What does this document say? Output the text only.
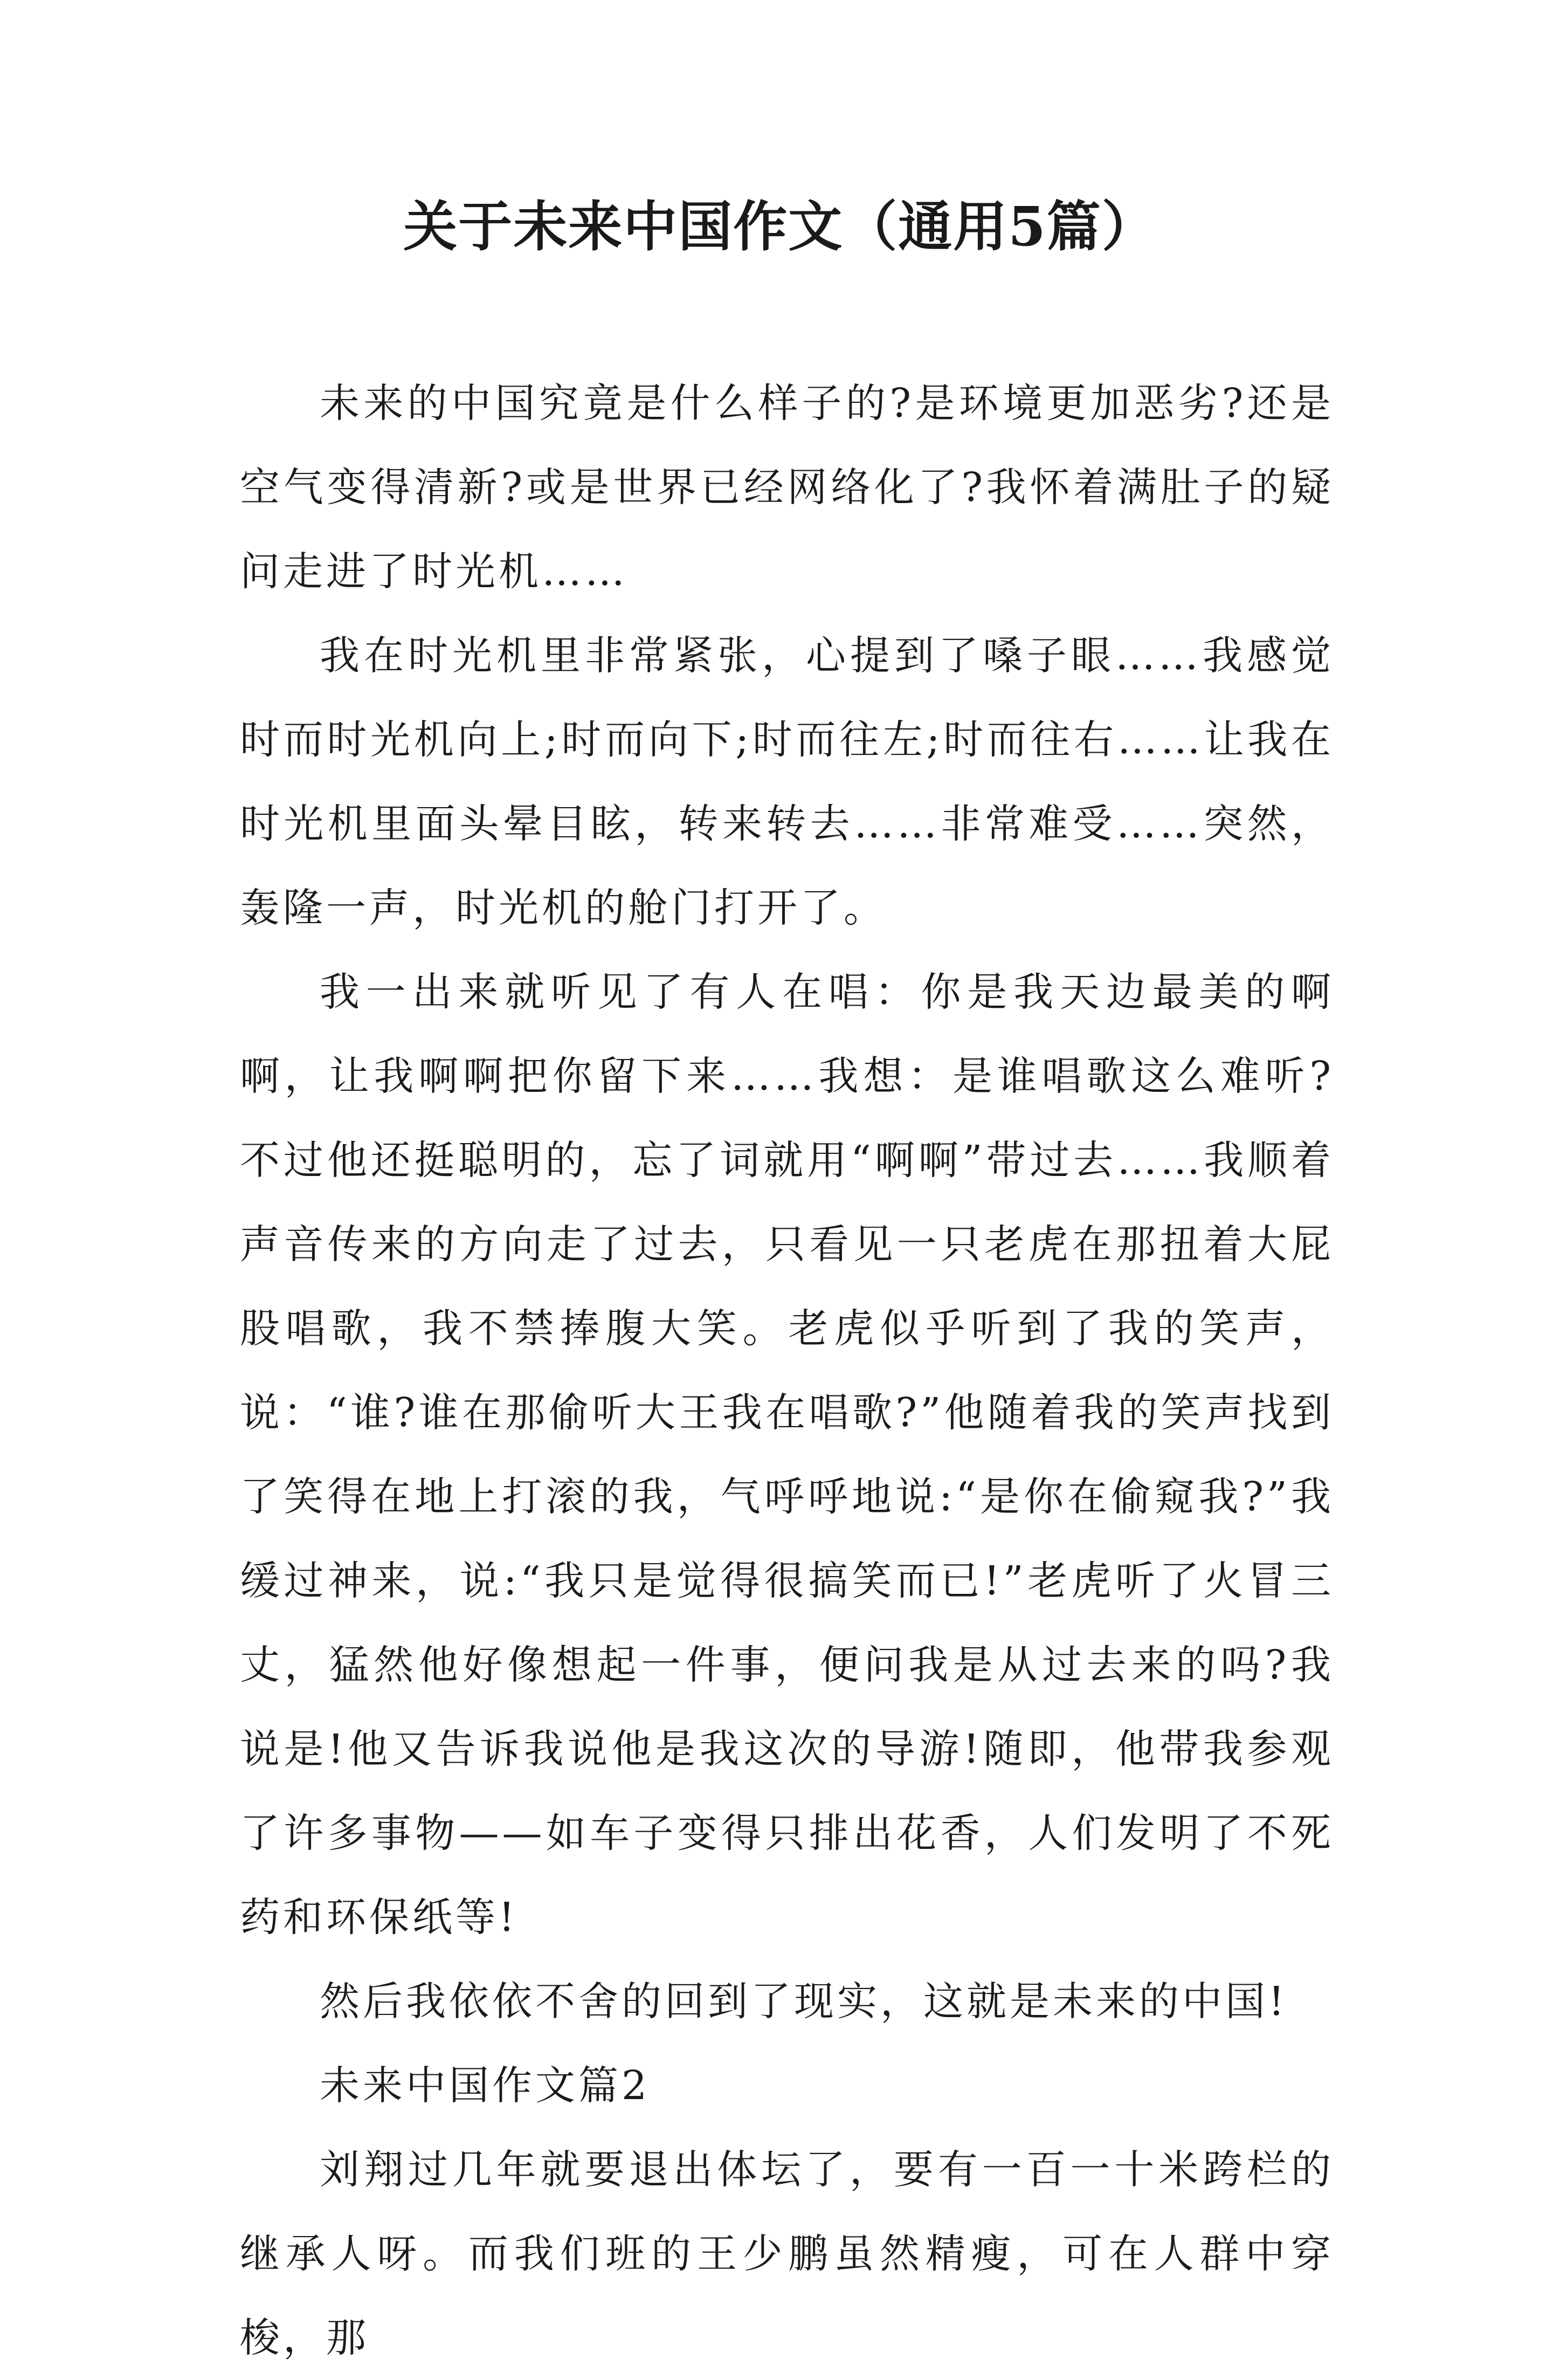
关于未来中国作文（通用5篇）

未来的中国究竟是什么样子的?是环境更加恶劣?还是空气变得清新?或是世界已经网络化了?我怀着满肚子的疑问走进了时光机……

我在时光机里非常紧张，心提到了嗓子眼……我感觉时而时光机向上;时而向下;时而往左;时而往右……让我在时光机里面头晕目眩，转来转去……非常难受……突然，轰隆一声，时光机的舱门打开了。

我一出来就听见了有人在唱：你是我天边最美的啊啊，让我啊啊把你留下来……我想：是谁唱歌这么难听?不过他还挺聪明的，忘了词就用“啊啊”带过去……我顺着声音传来的方向走了过去，只看见一只老虎在那扭着大屁股唱歌，我不禁捧腹大笑。老虎似乎听到了我的笑声，说：“谁?谁在那偷听大王我在唱歌?”他随着我的笑声找到了笑得在地上打滚的我，气呼呼地说:“是你在偷窥我?”我缓过神来，说:“我只是觉得很搞笑而已!”老虎听了火冒三丈，猛然他好像想起一件事，便问我是从过去来的吗?我说是!他又告诉我说他是我这次的导游!随即，他带我参观了许多事物——如车子变得只排出花香，人们发明了不死药和环保纸等!

然后我依依不舍的回到了现实，这就是未来的中国!

未来中国作文篇2

刘翔过几年就要退出体坛了，要有一百一十米跨栏的继承人呀。而我们班的王少鹏虽然精瘦，可在人群中穿梭，那
